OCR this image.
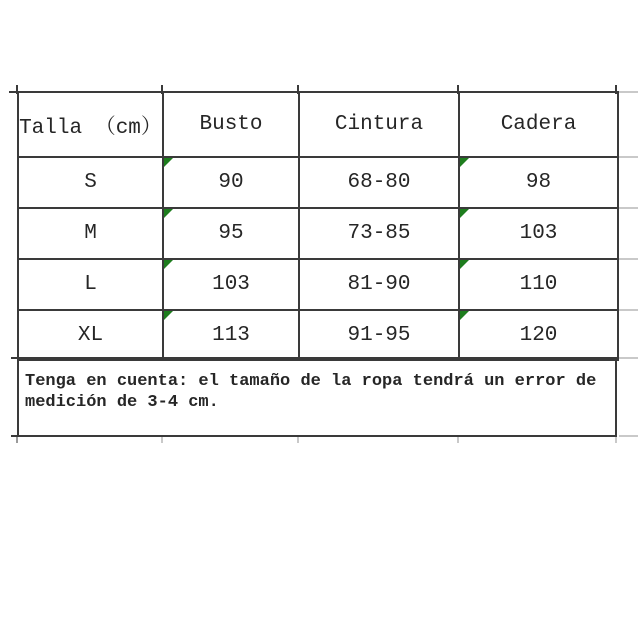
Talla （cm）	Busto	Cintura	Cadera
S	90	68-80	98
M	95	73-85	103
L	103	81-90	110
XL	113	91-95	120
Tenga en cuenta: el tamaño de la ropa tendrá un error de
medición de 3-4 cm.
